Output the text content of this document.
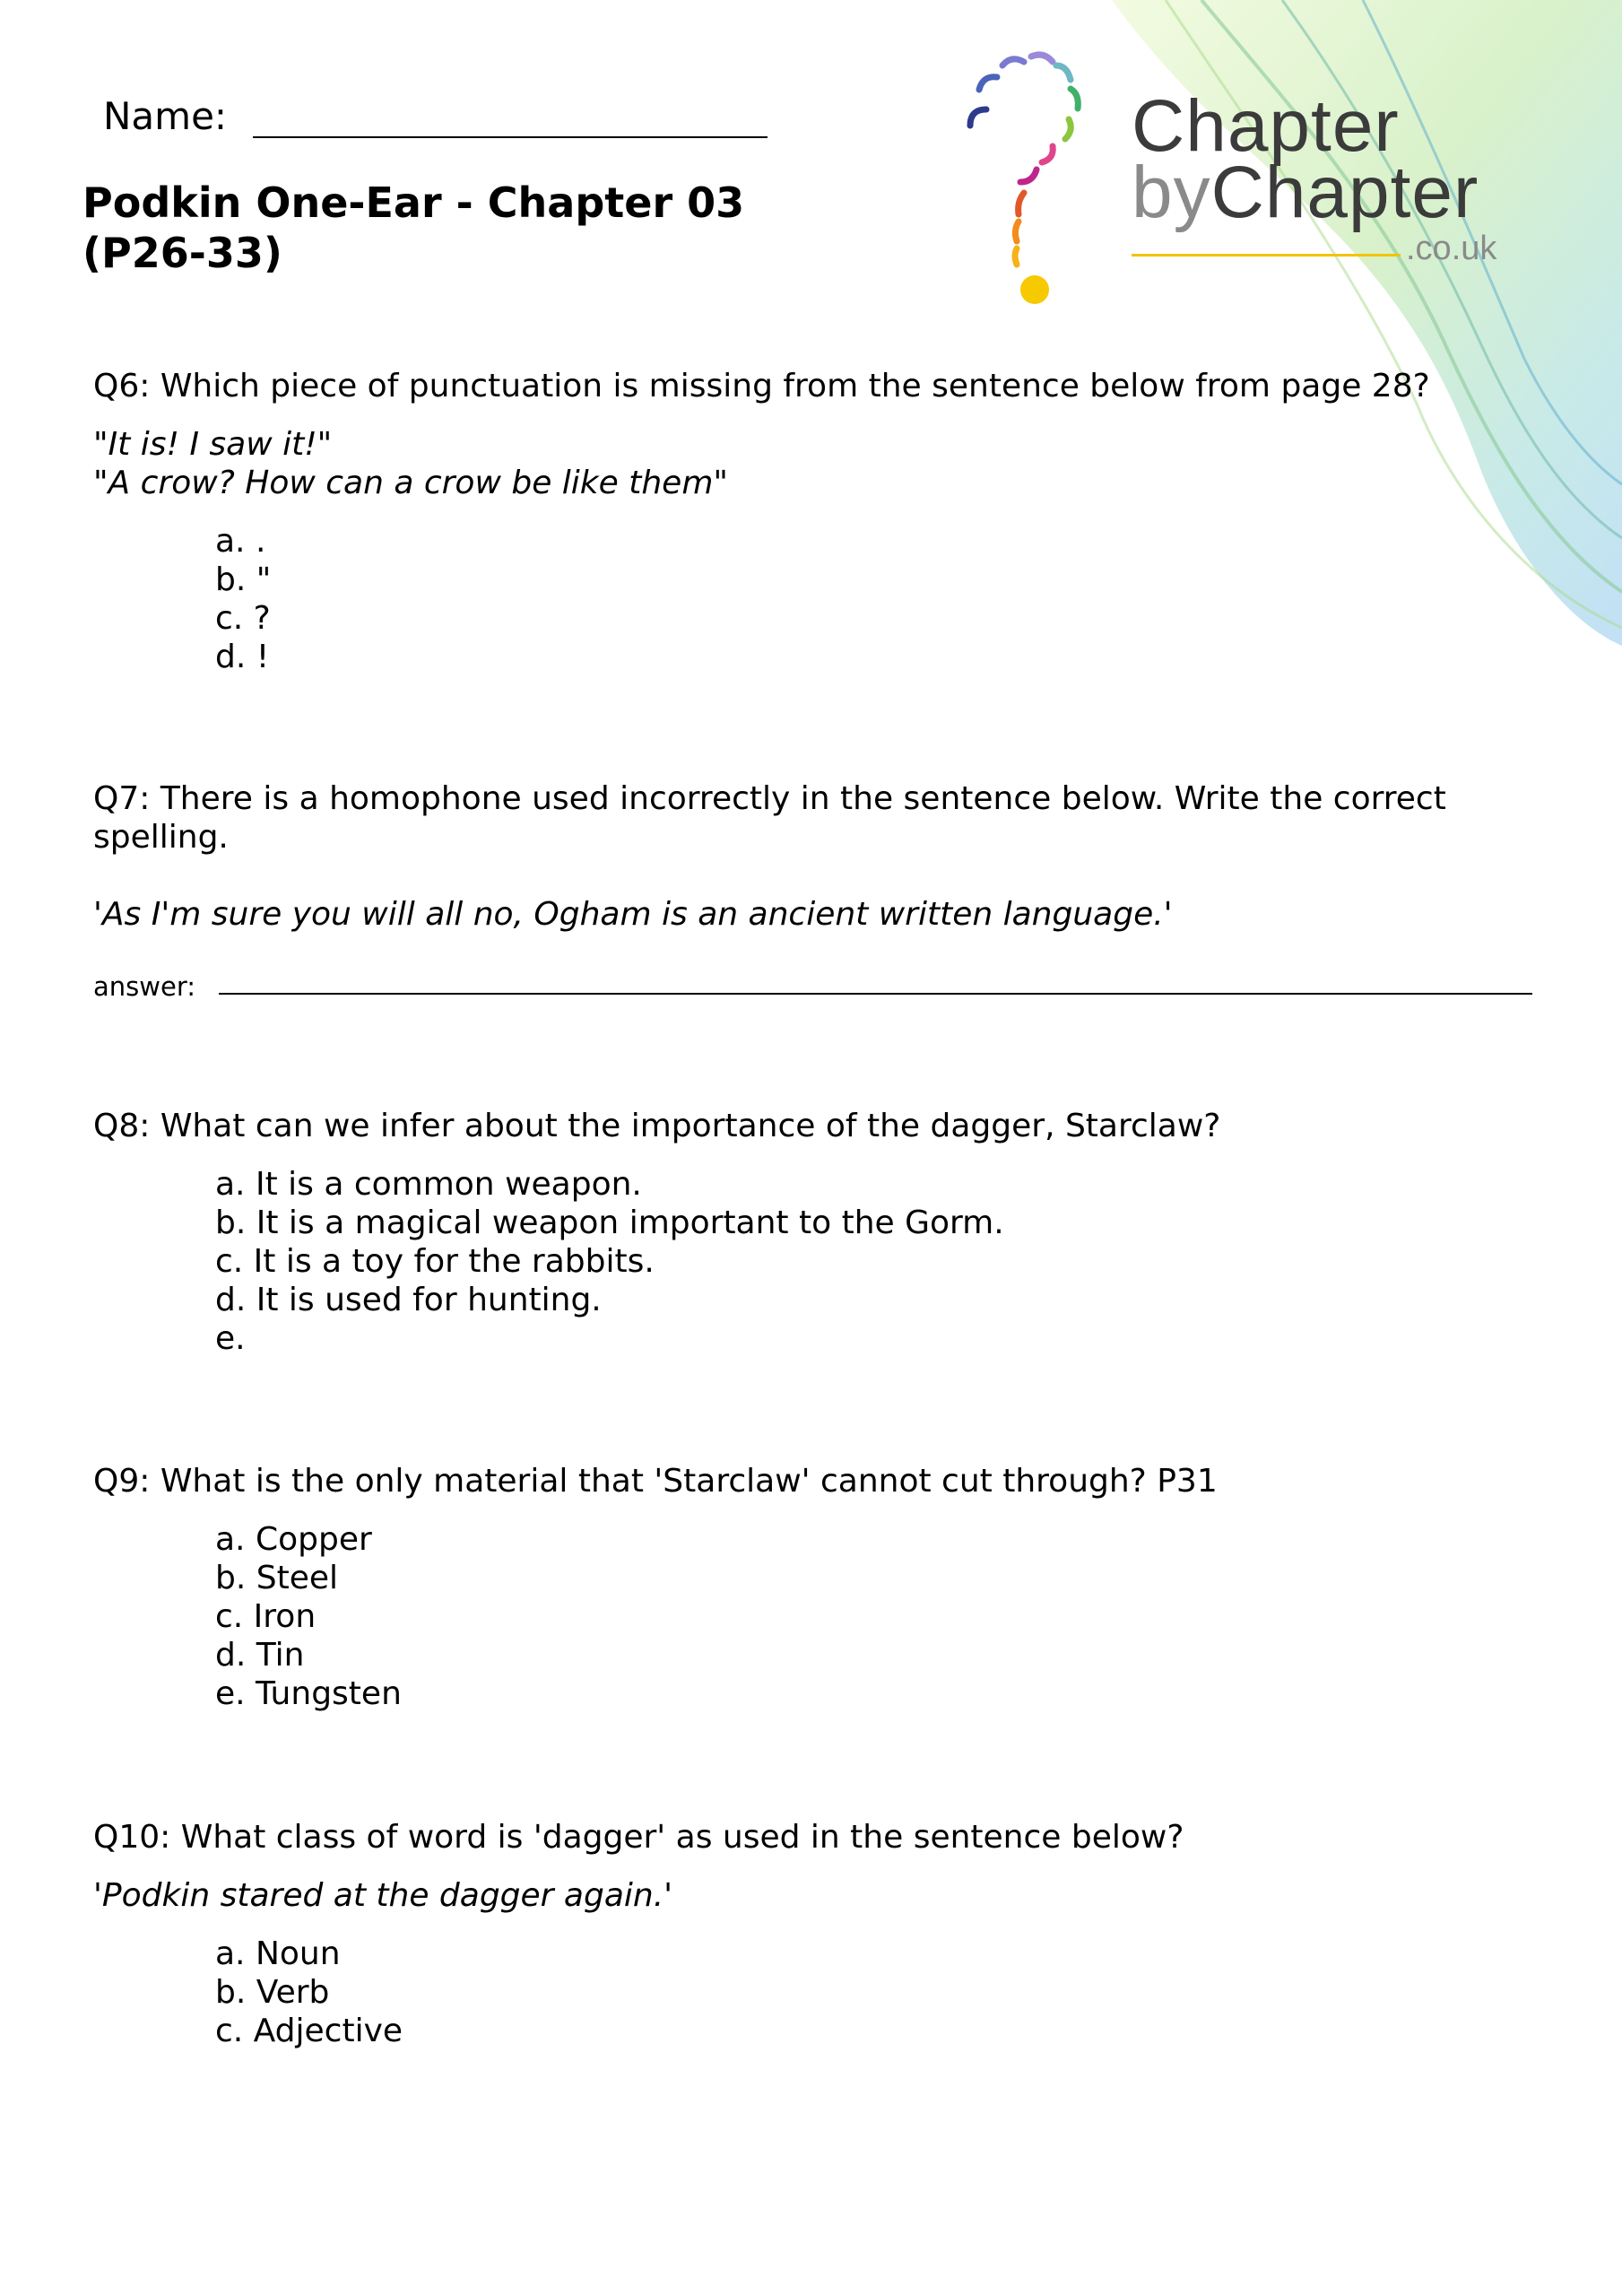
Chapter
byChapter
.co.uk
Name:
Podkin One-Ear - Chapter 03
(P26-33)

Q6: Which piece of punctuation is missing from the sentence below from page 28?

"It is! I saw it!"
"A crow? How can a crow be like them"

a. .
b. "
c. ?
d. !

Q7: There is a homophone used incorrectly in the sentence below. Write the correct spelling.

'As I'm sure you will all no, Ogham is an ancient written language.'

answer:

Q8: What can we infer about the importance of the dagger, Starclaw?

a. It is a common weapon.
b. It is a magical weapon important to the Gorm.
c. It is a toy for the rabbits.
d. It is used for hunting.
e.

Q9: What is the only material that 'Starclaw' cannot cut through? P31

a. Copper
b. Steel
c. Iron
d. Tin
e. Tungsten

Q10: What class of word is 'dagger' as used in the sentence below?

'Podkin stared at the dagger again.'

a. Noun
b. Verb
c. Adjective
